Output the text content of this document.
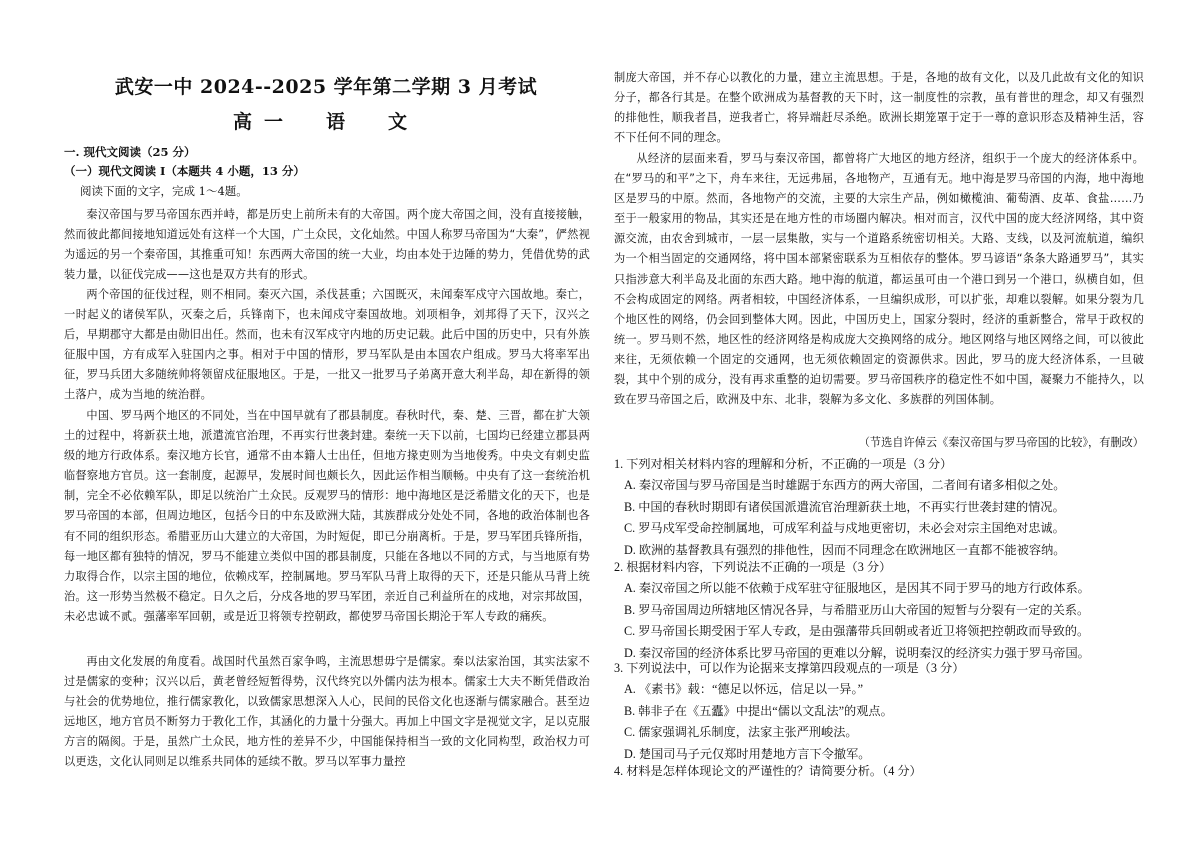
武安一中 2024--2025 学年第二学期 3 月考试
高一　语　文
一. 现代文阅读（25 分）
（一）现代文阅读 I（本题共 4 小题，13 分）
阅读下面的文字，完成 1～4题。

秦汉帝国与罗马帝国东西并峙，都是历史上前所未有的大帝国。两个庞大帝国之间，没有直接接触，然而彼此都间接地知道远处有这样一个大国，广土众民，文化灿然。中国人称罗马帝国为“大秦”，俨然视为遥远的另一个秦帝国，其推重可知！东西两大帝国的统一大业，均由本处于边陲的势力，凭借优势的武装力量，以征伐完成——这也是双方共有的形式。

两个帝国的征伐过程，则不相同。秦灭六国，杀伐甚重；六国既灭，未闻秦军戍守六国故地。秦亡，一时起义的诸侯军队，灭秦之后，兵锋南下，也未闻戍守秦国故地。刘项相争，刘邦得了天下，汉兴之后，早期郡守大都是由勋旧出任。然而，也未有汉军戍守内地的历史记载。此后中国的历史中，只有外族征服中国，方有成军入驻国内之事。相对于中国的情形，罗马军队是由本国农户组成。罗马大将率军出征，罗马兵团大多随统帅将领留戍征服地区。于是，一批又一批罗马子弟离开意大利半岛，却在新得的领土落户，成为当地的统治群。

中国、罗马两个地区的不同处，当在中国早就有了郡县制度。春秋时代，秦、楚、三晋，都在扩大领土的过程中，将新获土地，派遣流官治理，不再实行世袭封建。秦统一天下以前，七国均已经建立郡县两级的地方行政体系。秦汉地方长官，通常不由本籍人士出任，但地方掾吏则为当地俊秀。中央文有刺史监临督察地方官员。这一套制度，起源早，发展时间也颇长久，因此运作相当顺畅。中央有了这一套统治机制，完全不必依赖军队，即足以统治广土众民。反观罗马的情形：地中海地区是泛希腊文化的天下，也是罗马帝国的本部，但周边地区，包括今日的中东及欧洲大陆，其族群成分处处不同，各地的政治体制也各有不同的组织形态。希腊亚历山大建立的大帝国，为时短促，即已分崩离析。于是，罗马军团兵锋所指，每一地区都有独特的情况，罗马不能建立类似中国的郡县制度，只能在各地以不同的方式，与当地原有势力取得合作，以宗主国的地位，依赖戍军，控制属地。罗马军队马背上取得的天下，还是只能从马背上统治。这一形势当然极不稳定。日久之后，分戍各地的罗马军团，亲近自己利益所在的戍地，对宗邦故国，未必忠诚不贰。强藩率军回朝，或是近卫将领专控朝政，都使罗马帝国长期沦于军人专政的痛疾。

再由文化发展的角度看。战国时代虽然百家争鸣，主流思想毋宁是儒家。秦以法家治国，其实法家不过是儒家的变种；汉兴以后，黄老曾经短暂得势，汉代终究以外儒内法为根本。儒家士大夫不断凭借政治与社会的优势地位，推行儒家教化，以致儒家思想深入人心，民间的民俗文化也逐渐与儒家融合。甚至边远地区，地方官员不断努力于教化工作，其涵化的力量十分强大。再加上中国文字是视觉文字，足以克服方言的隔阂。于是，虽然广土众民，地方性的差异不少，中国能保持相当一致的文化同构型，政治权力可以更迭，文化认同则足以维系共同体的延续不散。罗马以军事力量控

制庞大帝国，并不存心以教化的力量，建立主流思想。于是，各地的故有文化，以及几此故有文化的知识分子，都各行其是。在整个欧洲成为基督教的天下时，这一制度性的宗教，虽有普世的理念，却又有强烈的排他性，顺我者昌，逆我者亡，将异端赶尽杀绝。欧洲长期笼罩于定于一尊的意识形态及精神生活，容不下任何不同的理念。

从经济的层面来看，罗马与秦汉帝国，都曾将广大地区的地方经济，组织于一个庞大的经济体系中。在“罗马的和平”之下，舟车来往，无远弗届，各地物产，互通有无。地中海是罗马帝国的内海，地中海地区是罗马的中原。然而，各地物产的交流，主要的大宗生产品，例如橄榄油、葡萄酒、皮革、食盐……乃至于一般家用的物品，其实还是在地方性的市场圈内解决。相对而言，汉代中国的庞大经济网络，其中资源交流，由农舍到城市，一层一层集散，实与一个道路系统密切相关。大路、支线，以及河流航道，编织为一个相当固定的交通网络，将中国本部紧密联系为互相依存的整体。罗马谚语“条条大路通罗马”，其实只指涉意大利半岛及北面的东西大路。地中海的航道，都运虽可由一个港口到另一个港口，纵横自如，但不会构成固定的网络。两者相较，中国经济体系，一旦编织成形，可以扩张，却难以裂解。如果分裂为几个地区性的网络，仍会回到整体大网。因此，中国历史上，国家分裂时，经济的重新整合，常早于政权的统一。罗马则不然，地区性的经济网络是构成庞大交换网络的成分。地区网络与地区网络之间，可以彼此来往，无须依赖一个固定的交通网，也无须依赖固定的资源供求。因此，罗马的庞大经济体系，一旦破裂，其中个别的成分，没有再求重整的迫切需要。罗马帝国秩序的稳定性不如中国，凝聚力不能持久，以致在罗马帝国之后，欧洲及中东、北非，裂解为多文化、多族群的列国体制。

（节选自许倬云《秦汉帝国与罗马帝国的比较》，有删改）
1. 下列对相关材料内容的理解和分析，不正确的一项是（3 分）
A. 秦汉帝国与罗马帝国是当时雄踞于东西方的两大帝国，二者间有诸多相似之处。
B. 中国的春秋时期即有诸侯国派遣流官治理新获土地，不再实行世袭封建的情况。
C. 罗马戍军受命控制属地，可成军利益与戍地更密切，未必会对宗主国绝对忠诚。
D. 欧洲的基督教具有强烈的排他性，因而不同理念在欧洲地区一直都不能被容纳。
2. 根据材料内容，下列说法不正确的一项是（3 分）
A. 秦汉帝国之所以能不依赖于戍军驻守征服地区，是因其不同于罗马的地方行政体系。
B. 罗马帝国周边所辖地区情况各异，与希腊亚历山大帝国的短暂与分裂有一定的关系。
C. 罗马帝国长期受困于军人专政，是由强藩带兵回朝或者近卫将领把控朝政而导致的。
D. 秦汉帝国的经济体系比罗马帝国的更难以分解，说明秦汉的经济实力强于罗马帝国。
3. 下列说法中，可以作为论据来支撑第四段观点的一项是（3 分）
A. 《素书》载：“德足以怀远，信足以一异。”
B. 韩非子在《五蠹》中提出“儒以文乱法”的观点。
C. 儒家强调礼乐制度，法家主张严刑峻法。
D. 楚国司马子元仅郑时用楚地方言下令撤军。
4. 材料是怎样体现论文的严谨性的？请简要分析。（4 分）
